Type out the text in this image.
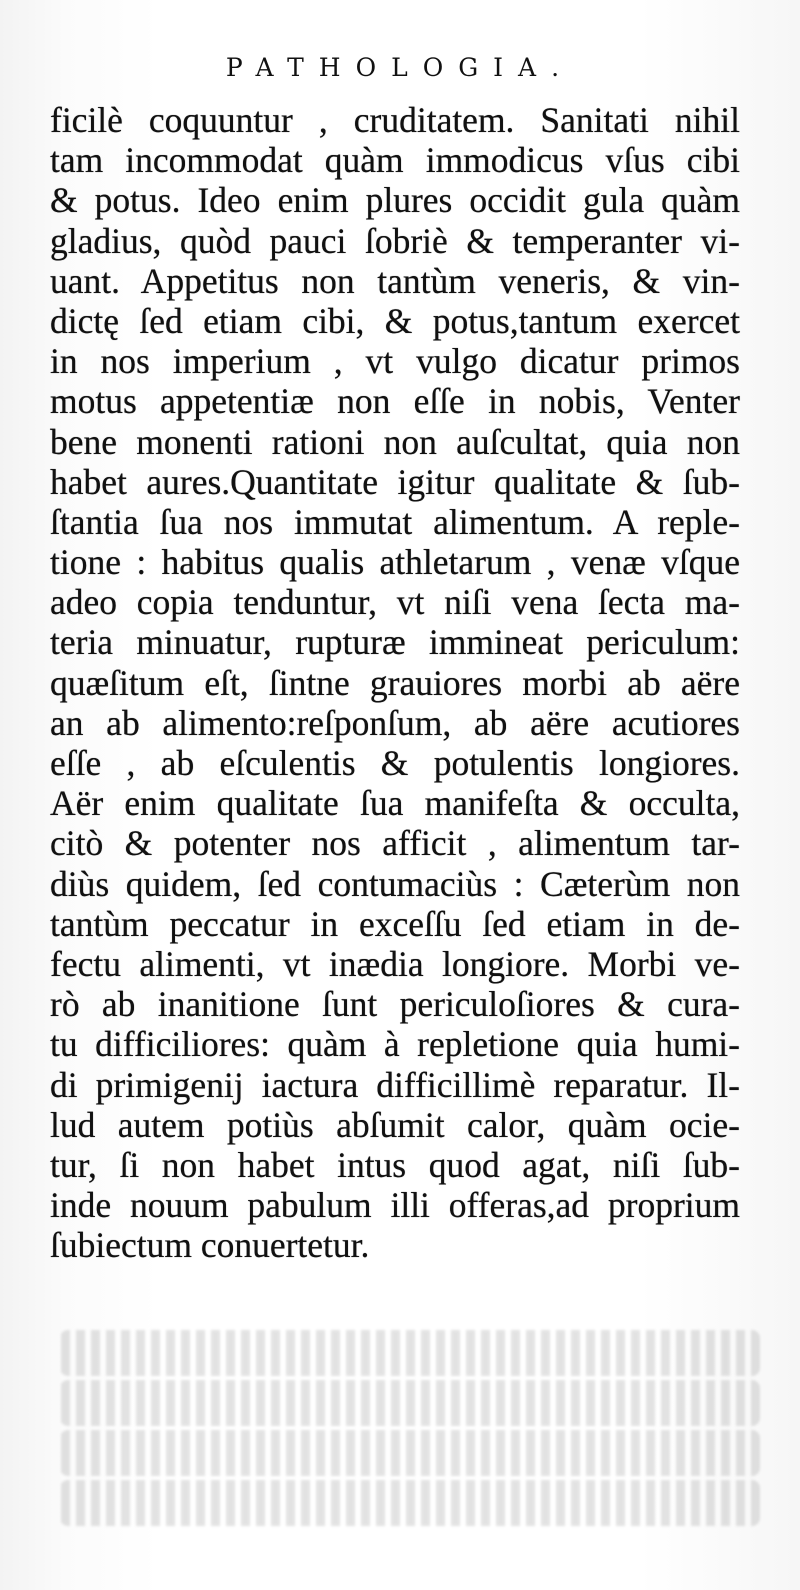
PATHOLOGIA.
ficilè coquuntur , cruditatem. Sanitati nihil
tam incommodat quàm immodicus vſus cibi
& potus. Ideo enim plures occidit gula quàm
gladius, quòd pauci ſobriè & temperanter vi-
uant. Appetitus non tantùm veneris, & vin-
dictę ſed etiam cibi, & potus,tantum exercet
in nos imperium , vt vulgo dicatur primos
motus appetentiæ non eſſe in nobis, Venter
bene monenti rationi non auſcultat, quia non
habet aures.Quantitate igitur qualitate & ſub-
ſtantia ſua nos immutat alimentum. A reple-
tione : habitus qualis athletarum , venæ vſque
adeo copia tenduntur, vt niſi vena ſecta ma-
teria minuatur, rupturæ immineat periculum:
quæſitum eſt, ſintne grauiores morbi ab aëre
an ab alimento:reſponſum, ab aëre acutiores
eſſe , ab eſculentis & potulentis longiores.
Aër enim qualitate ſua manifeſta & occulta,
citò & potenter nos afficit , alimentum tar-
diùs quidem, ſed contumaciùs : Cæterùm non
tantùm peccatur in exceſſu ſed etiam in de-
fectu alimenti, vt inædia longiore. Morbi ve-
rò ab inanitione ſunt periculoſiores & cura-
tu difficiliores: quàm à repletione quia humi-
di primigenij iactura difficillimè reparatur. Il-
lud autem potiùs abſumit calor, quàm ocie-
tur, ſi non habet intus quod agat, niſi ſub-
inde nouum pabulum illi offeras,ad proprium
ſubiectum conuertetur.
